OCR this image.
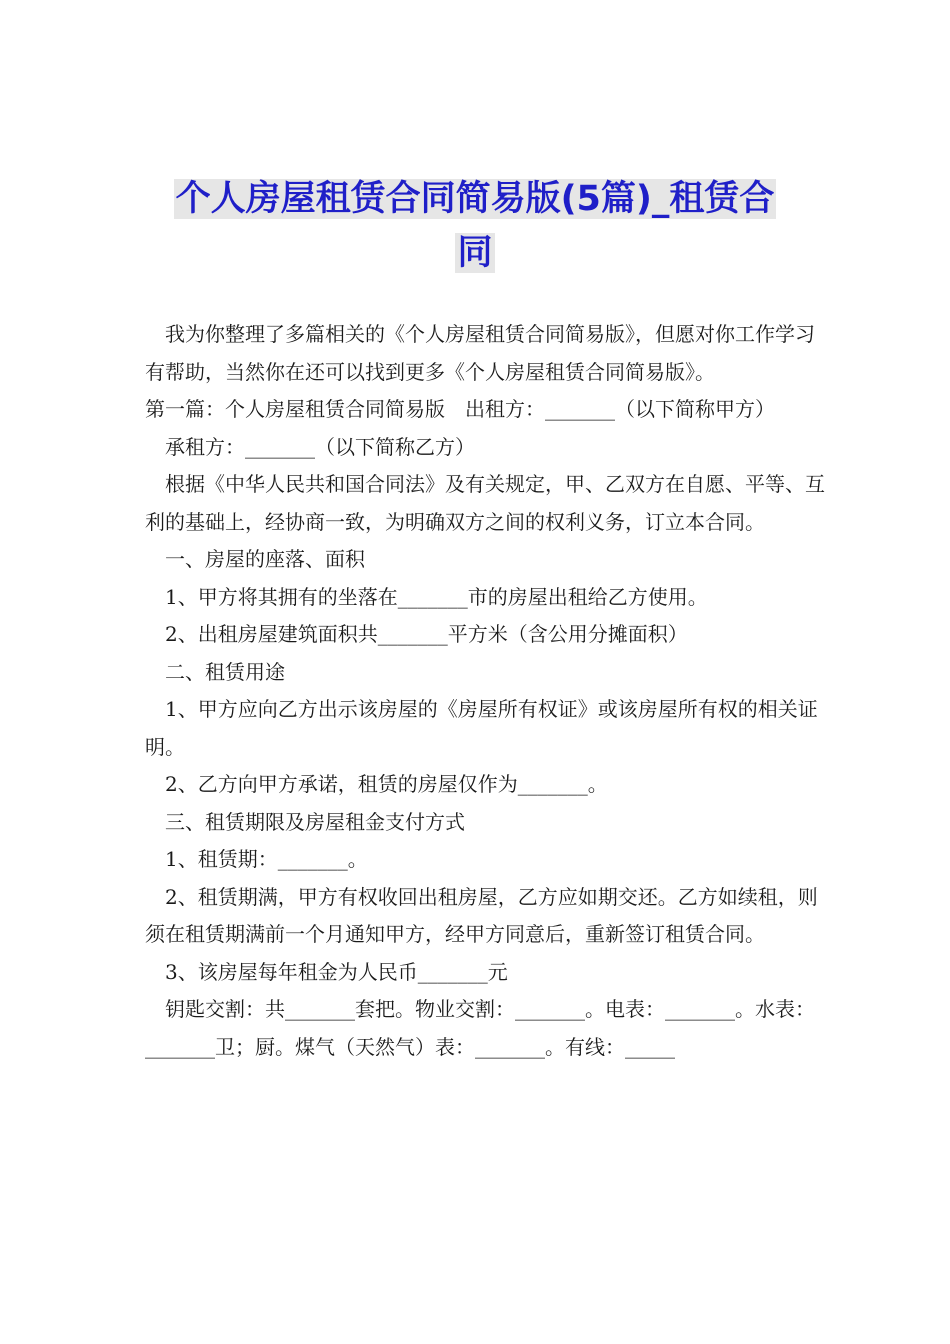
个人房屋租赁合同简易版(5篇)_租赁合
同

　我为你整理了多篇相关的《个人房屋租赁合同简易版》，但愿对你工作学习有帮助，当然你在还可以找到更多《个人房屋租赁合同简易版》。

第一篇：个人房屋租赁合同简易版　出租方：_______（以下简称甲方）

　承租方：_______（以下简称乙方）

　根据《中华人民共和国合同法》及有关规定，甲、乙双方在自愿、平等、互利的基础上，经协商一致，为明确双方之间的权利义务，订立本合同。

　一、房屋的座落、面积

　1、甲方将其拥有的坐落在_______市的房屋出租给乙方使用。

　2、出租房屋建筑面积共_______平方米（含公用分摊面积）

　二、租赁用途

　1、甲方应向乙方出示该房屋的《房屋所有权证》或该房屋所有权的相关证明。

　2、乙方向甲方承诺，租赁的房屋仅作为_______。

　三、租赁期限及房屋租金支付方式

　1、租赁期：_______。

　2、租赁期满，甲方有权收回出租房屋，乙方应如期交还。乙方如续租，则须在租赁期满前一个月通知甲方，经甲方同意后，重新签订租赁合同。

　3、该房屋每年租金为人民币_______元

　钥匙交割：共_______套把。物业交割：_______。电表：_______。水表：_______卫；厨。煤气（天然气）表：_______。有线：_____
